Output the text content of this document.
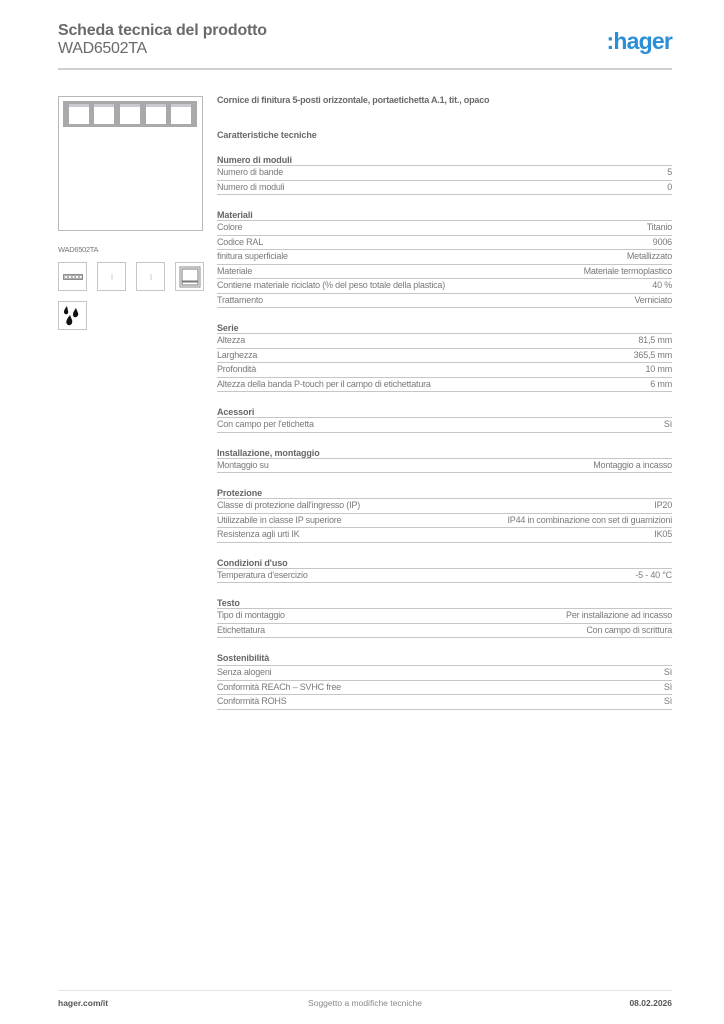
Scheda tecnica del prodotto
WAD6502TA	:hager
WAD6502TA
Cornice di finitura 5-posti orizzontale, portaetichetta A.1, tit., opaco
Caratteristiche tecniche
Numero di moduli
Numero di bande	5
Numero di moduli	0
Materiali
Colore	Titanio
Codice RAL	9006
finitura superficiale	Metallizzato
Materiale	Materiale termoplastico
Contiene materiale riciclato (% del peso totale della plastica)	40 %
Trattamento	Verniciato
Serie
Altezza	81,5 mm
Larghezza	365,5 mm
Profondità	10 mm
Altezza della banda P-touch per il campo di etichettatura	6 mm
Acessori
Con campo per l'etichetta	Sì
Installazione, montaggio
Montaggio su	Montaggio a incasso
Protezione
Classe di protezione dall'ingresso (IP)	IP20
Utilizzabile in classe IP superiore	IP44 in combinazione con set di guarnizioni
Resistenza agli urti IK	IK05
Condizioni d'uso
Temperatura d'esercizio	-5 - 40 °C
Testo
Tipo di montaggio	Per installazione ad incasso
Etichettatura	Con campo di scrittura
Sostenibilità
Senza alogeni	Sì
Conformità REACh – SVHC free	Sì
Conformità ROHS	Sì
hager.com/it	Soggetto a modifiche tecniche	08.02.2026
